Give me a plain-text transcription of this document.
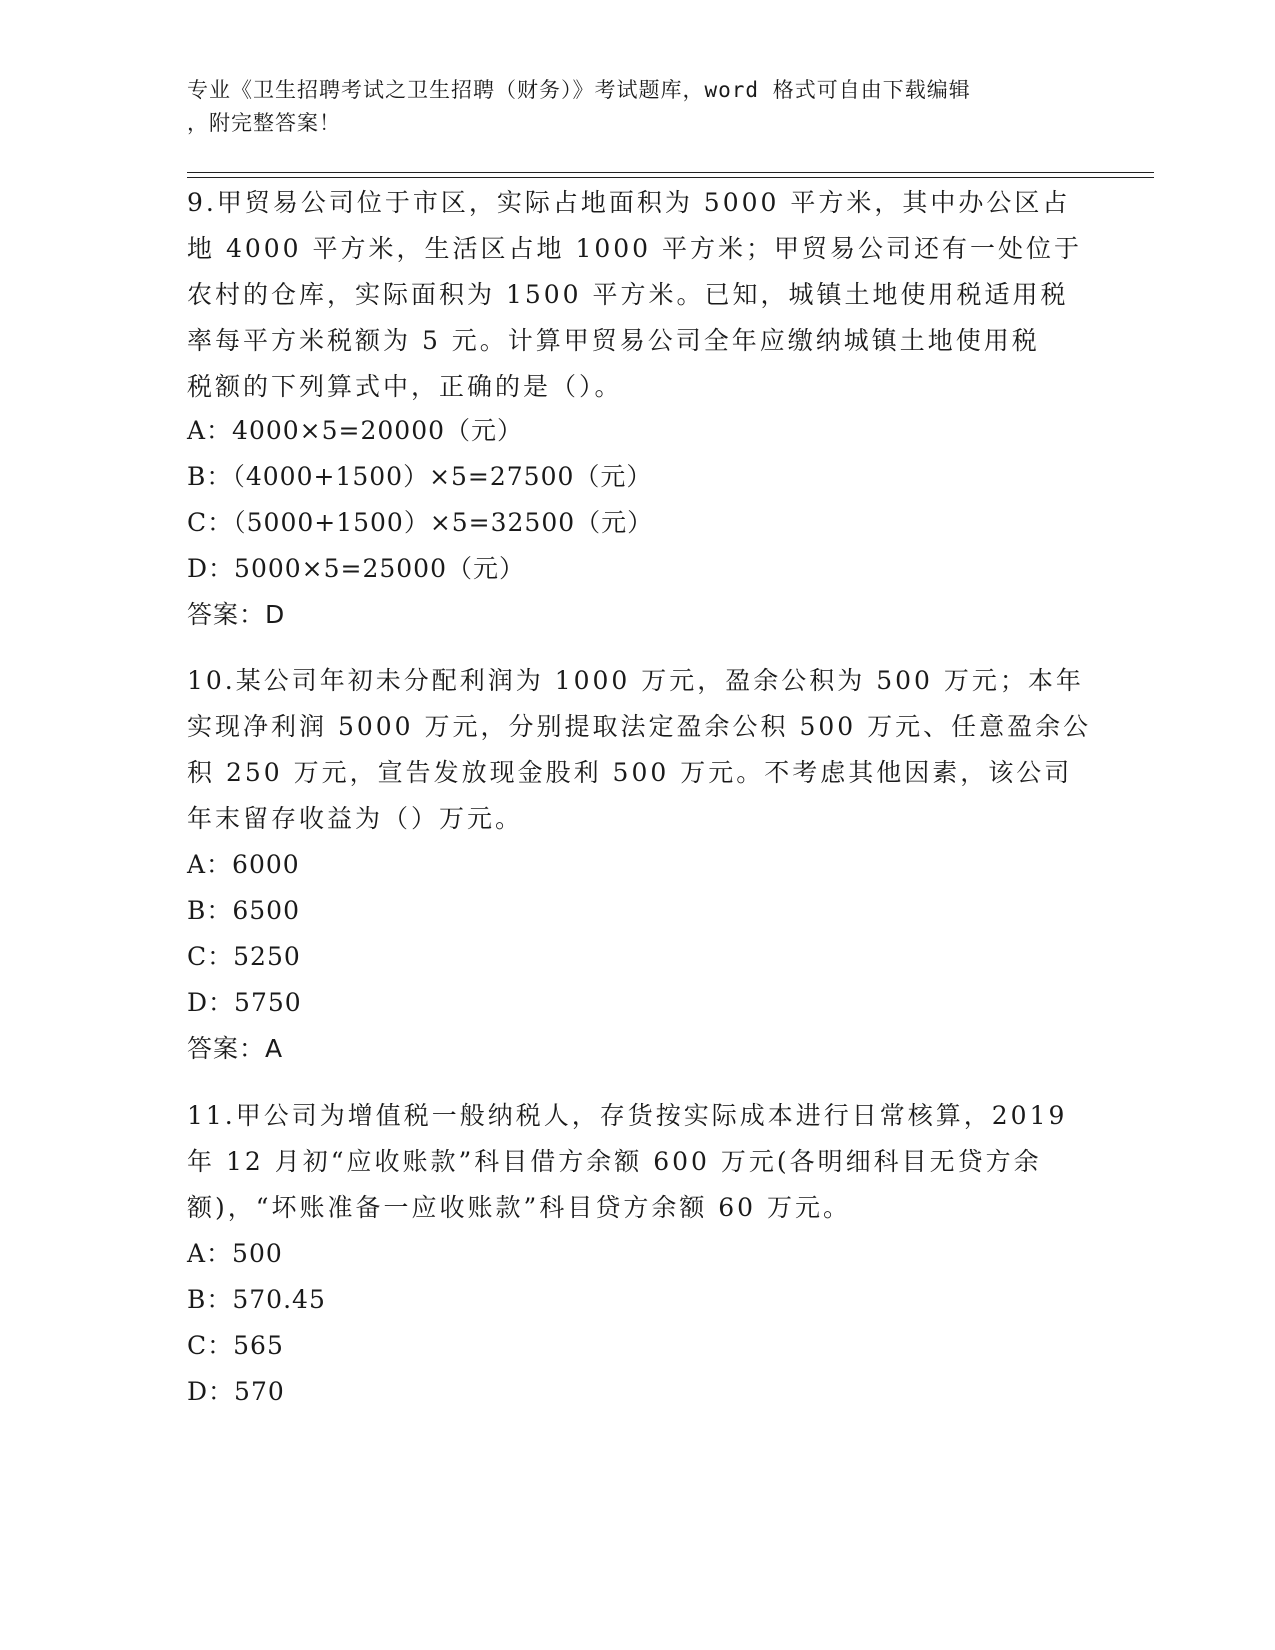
专业《卫生招聘考试之卫生招聘（财务）》考试题库，word 格式可自由下载编辑
，附完整答案！
9.甲贸易公司位于市区，实际占地面积为 5000 平方米，其中办公区占
地 4000 平方米，生活区占地 1000 平方米；甲贸易公司还有一处位于
农村的仓库，实际面积为 1500 平方米。已知，城镇土地使用税适用税
率每平方米税额为 5 元。计算甲贸易公司全年应缴纳城镇土地使用税
税额的下列算式中，正确的是（）。
A：4000×5=20000（元）
B：（4000+1500）×5=27500（元）
C：（5000+1500）×5=32500（元）
D：5000×5=25000（元）
答案：D
10.某公司年初未分配利润为 1000 万元，盈余公积为 500 万元；本年
实现净利润 5000 万元，分别提取法定盈余公积 500 万元、任意盈余公
积 250 万元，宣告发放现金股利 500 万元。不考虑其他因素，该公司
年末留存收益为（）万元。
A：6000
B：6500
C：5250
D：5750
答案：A
11.甲公司为增值税一般纳税人，存货按实际成本进行日常核算，2019
年 12 月初“应收账款”科目借方余额 600 万元(各明细科目无贷方余
额)，“坏账准备一应收账款”科目贷方余额 60 万元。
A：500
B：570.45
C：565
D：570
